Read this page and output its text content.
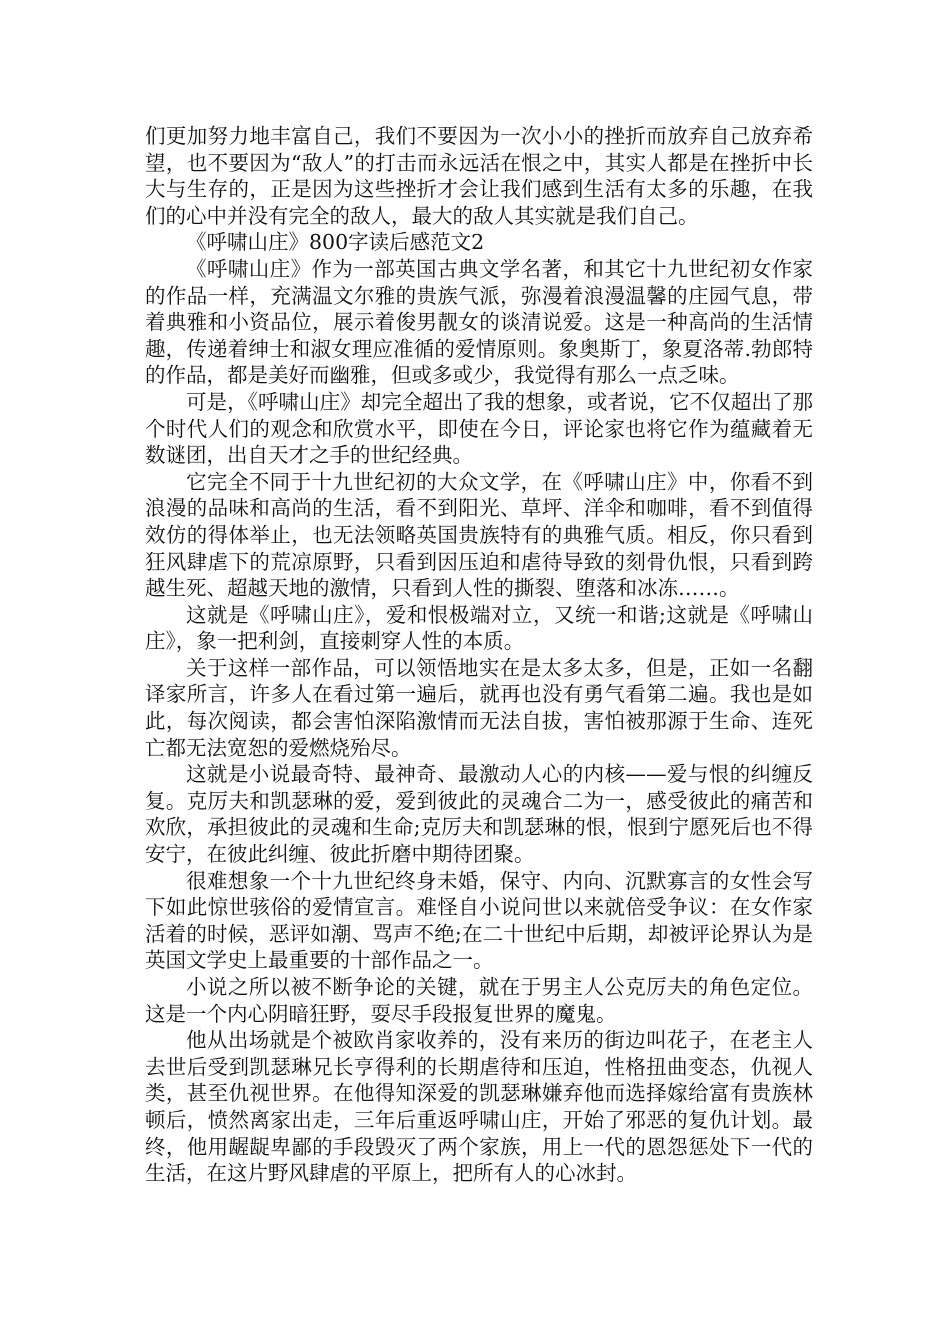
们更加努力地丰富自己，我们不要因为一次小小的挫折而放弃自己放弃希望，也不要因为“敌人”的打击而永远活在恨之中，其实人都是在挫折中长大与生存的，正是因为这些挫折才会让我们感到生活有太多的乐趣，在我们的心中并没有完全的敌人，最大的敌人其实就是我们自己。

《呼啸山庄》800字读后感范文2

《呼啸山庄》作为一部英国古典文学名著，和其它十九世纪初女作家的作品一样，充满温文尔雅的贵族气派，弥漫着浪漫温馨的庄园气息，带着典雅和小资品位，展示着俊男靓女的谈清说爱。这是一种高尚的生活情趣，传递着绅士和淑女理应准循的爱情原则。象奥斯丁，象夏洛蒂.勃郎特的作品，都是美好而幽雅，但或多或少，我觉得有那么一点乏味。

可是，《呼啸山庄》却完全超出了我的想象，或者说，它不仅超出了那个时代人们的观念和欣赏水平，即使在今日，评论家也将它作为蕴藏着无数谜团，出自天才之手的世纪经典。

它完全不同于十九世纪初的大众文学，在《呼啸山庄》中，你看不到浪漫的品味和高尚的生活，看不到阳光、草坪、洋伞和咖啡，看不到值得效仿的得体举止，也无法领略英国贵族特有的典雅气质。相反，你只看到狂风肆虐下的荒凉原野，只看到因压迫和虐待导致的刻骨仇恨，只看到跨越生死、超越天地的激情，只看到人性的撕裂、堕落和冰冻……。

这就是《呼啸山庄》，爱和恨极端对立，又统一和谐;这就是《呼啸山庄》，象一把利剑，直接刺穿人性的本质。

关于这样一部作品，可以领悟地实在是太多太多，但是，正如一名翻译家所言，许多人在看过第一遍后，就再也没有勇气看第二遍。我也是如此，每次阅读，都会害怕深陷激情而无法自拔，害怕被那源于生命、连死亡都无法宽恕的爱燃烧殆尽。

这就是小说最奇特、最神奇、最激动人心的内核——爱与恨的纠缠反复。克厉夫和凯瑟琳的爱，爱到彼此的灵魂合二为一，感受彼此的痛苦和欢欣，承担彼此的灵魂和生命;克厉夫和凯瑟琳的恨，恨到宁愿死后也不得安宁，在彼此纠缠、彼此折磨中期待团聚。

很难想象一个十九世纪终身未婚，保守、内向、沉默寡言的女性会写下如此惊世骇俗的爱情宣言。难怪自小说问世以来就倍受争议：在女作家活着的时候，恶评如潮、骂声不绝;在二十世纪中后期，却被评论界认为是英国文学史上最重要的十部作品之一。

小说之所以被不断争论的关键，就在于男主人公克厉夫的角色定位。这是一个内心阴暗狂野，耍尽手段报复世界的魔鬼。

他从出场就是个被欧肖家收养的，没有来历的街边叫花子，在老主人去世后受到凯瑟琳兄长亨得利的长期虐待和压迫，性格扭曲变态，仇视人类，甚至仇视世界。在他得知深爱的凯瑟琳嫌弃他而选择嫁给富有贵族林顿后，愤然离家出走，三年后重返呼啸山庄，开始了邪恶的复仇计划。最终，他用龌龊卑鄙的手段毁灭了两个家族，用上一代的恩怨惩处下一代的生活，在这片野风肆虐的平原上，把所有人的心冰封。
